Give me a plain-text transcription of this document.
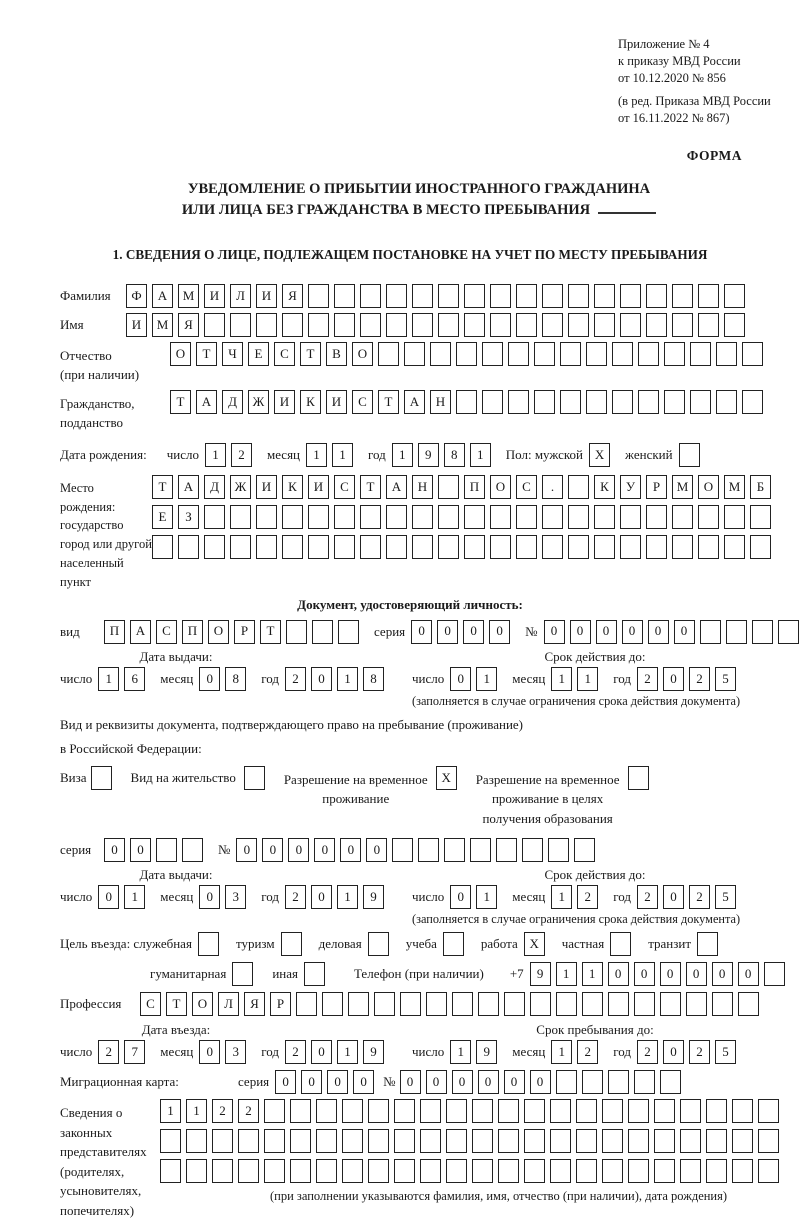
Приложение № 4
к приказу МВД России
от 10.12.2020 № 856
(в ред. Приказа МВД России
от 16.11.2022 № 867)
ФОРМА
УВЕДОМЛЕНИЕ О ПРИБЫТИИ ИНОСТРАННОГО ГРАЖДАНИНА
ИЛИ ЛИЦА БЕЗ ГРАЖДАНСТВА В МЕСТО ПРЕБЫВАНИЯ
1. СВЕДЕНИЯ О ЛИЦЕ, ПОДЛЕЖАЩЕМ ПОСТАНОВКЕ НА УЧЕТ ПО МЕСТУ ПРЕБЫВАНИЯ
Фамилия	Ф	А	М	И	Л	И	Я
Имя	И	М	Я
Отчество
(при наличии)
О	Т	Ч	Е	С	Т	В	О
Гражданство,
подданство
Т	А	Д	Ж	И	К	И	С	Т	А	Н
Дата рождения: число	1	2	месяц	1	1	год	1	9	8	1	Пол: мужской X	женский
Место рождения:
государство
город или другой
населенный пункт
Т	А	Д	Ж	И	К	И	С	Т	А	Н	П	О	С	.	К	У	Р	М	О	М	Б
Е	З
Документ, удостоверяющий личность:
вид	П	А	С	П	О	Р	Т	серия	0	0	0	0	№	0	0	0	0	0	0
Дата выдачи:
число	1	6	месяц	0	8	год	2	0	1	8
Срок действия до:
число	0	1	месяц	1	1	год	2	0	2	5
(заполняется в случае ограничения срока действия документа)
Вид и реквизиты документа, подтверждающего право на пребывание (проживание)
в Российской Федерации:
Виза	Вид на жительство	Разрешение на временное
проживание
X	Разрешение на временное
проживание в целях
получения образования
серия	0	0	№	0	0	0	0	0	0
Дата выдачи:
число	0	1	месяц	0	3	год	2	0	1	9
Срок действия до:
число	0	1	месяц	1	2	год	2	0	2	5
(заполняется в случае ограничения срока действия документа)
Цель въезда: служебная	туризм	деловая	учеба	работа X	частная	транзит
гуманитарная	иная	Телефон (при наличии) +7	9	1	1	0	0	0	0	0	0
Профессия	С	Т	О	Л	Я	Р
Дата въезда:
число	2	7	месяц	0	3	год	2	0	1	9
Срок пребывания до:
число	1	9	месяц	1	2	год	2	0	2	5
Миграционная карта:	серия	0	0	0	0	№ 0	0	0	0	0	0
Сведения о
законных
представителях
(родителях,
усыновителях,
попечителях)
1	1	2	2
(при заполнении указываются фамилия, имя, отчество (при наличии), дата рождения)
